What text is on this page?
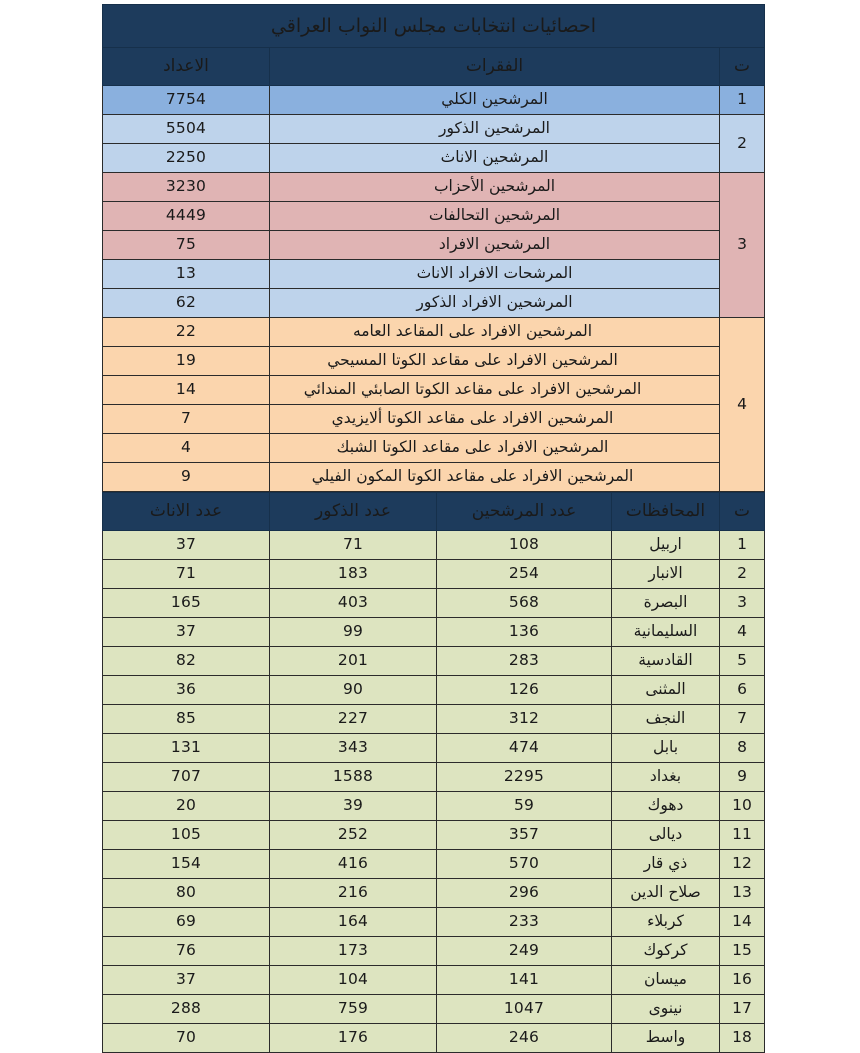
احصائيات انتخابات مجلس النواب العراقي		
ت	الفقرات	الاعداد
1	المرشحين الكلي	7754
2	المرشحين الذكور	5504

	المرشحين الاناث	2250
3	المرشحين الأحزاب	3230

	المرشحين التحالفات	4449

	المرشحين الافراد	75

	المرشحات الافراد الاناث	13

	المرشحين الافراد الذكور	62
4	المرشحين الافراد على المقاعد العامه	22

	المرشحين الافراد على مقاعد الكوتا المسيحي	19

	المرشحين الافراد على مقاعد الكوتا الصابئي المندائي	14

	المرشحين الافراد على مقاعد الكوتا ألايزيدي	7

	المرشحين الافراد على مقاعد الكوتا الشبك	4

	المرشحين الافراد على مقاعد الكوتا المكون الفيلي	9
ت	المحافظات	عدد المرشحين	عدد الذكور	عدد الاناث
1	اربيل	108	71	37
2	الانبار	254	183	71
3	البصرة	568	403	165
4	السليمانية	136	99	37
5	القادسية	283	201	82
6	المثنى	126	90	36
7	النجف	312	227	85
8	بابل	474	343	131
9	بغداد	2295	1588	707
10	دهوك	59	39	20
11	ديالى	357	252	105
12	ذي قار	570	416	154
13	صلاح الدين	296	216	80
14	كربلاء	233	164	69
15	كركوك	249	173	76
16	ميسان	141	104	37
17	نينوى	1047	759	288
18	واسط	246	176	70
